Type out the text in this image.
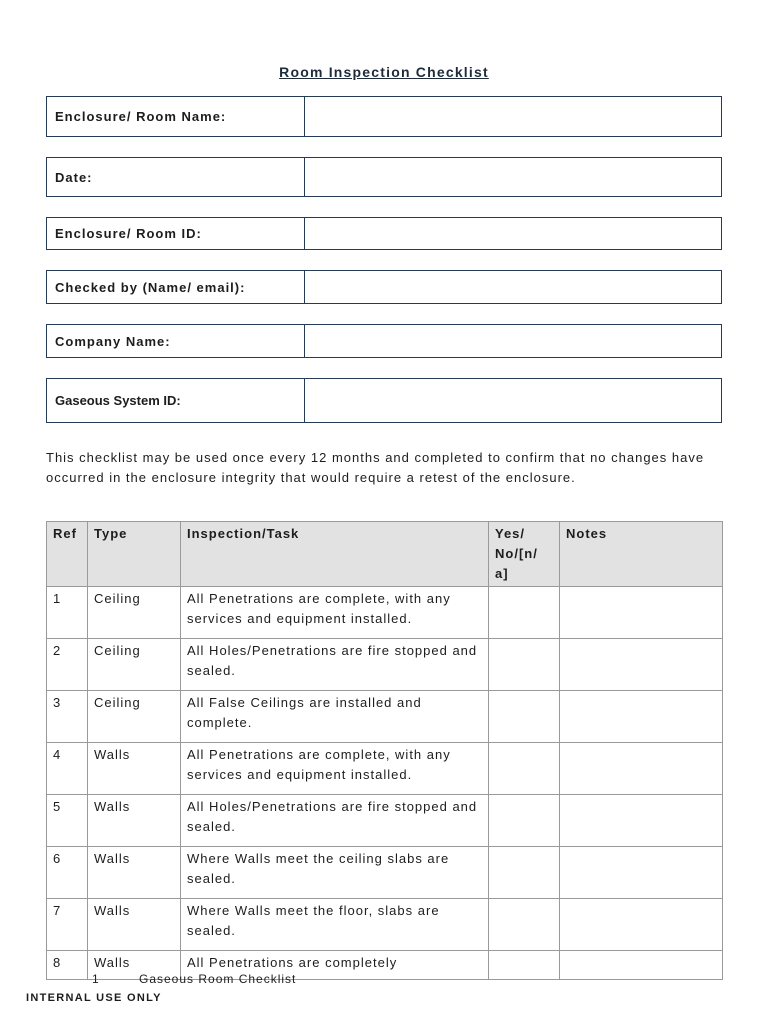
Room Inspection Checklist
Enclosure/ Room Name:
Date:
Enclosure/ Room ID:
Checked by (Name/ email):
Company Name:
Gaseous System ID:

This checklist may be used once every 12 months and completed to confirm that no changes have occurred in the enclosure integrity that would require a retest of the enclosure.

Ref	Type	Inspection/Task	Yes/ No/[n/ a]	Notes
1	Ceiling	All Penetrations are complete, with any services and equipment installed.		
2	Ceiling	All Holes/Penetrations are fire stopped and sealed.		
3	Ceiling	All False Ceilings are installed and complete.		
4	Walls	All Penetrations are complete, with any services and equipment installed.		
5	Walls	All Holes/Penetrations are fire stopped and sealed.		
6	Walls	Where Walls meet the ceiling slabs are sealed.		
7	Walls	Where Walls meet the floor, slabs are sealed.		
8	Walls	All Penetrations are completely		
1	Gaseous Room Checklist
INTERNAL USE ONLY
